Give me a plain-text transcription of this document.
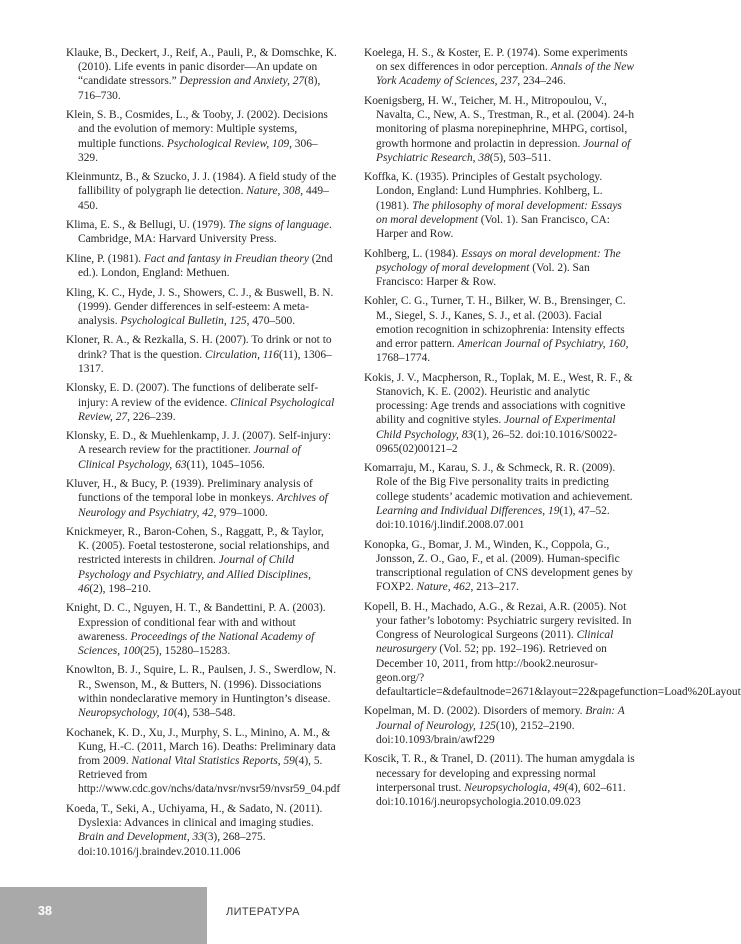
Klauke, B., Deckert, J., Reif, A., Pauli, P., & Domschke, K. (2010). Life events in panic disorder—An update on “candidate stressors.” Depression and Anxiety, 27(8), 716–730.

Klein, S. B., Cosmides, L., & Tooby, J. (2002). Decisions and the evolution of memory: Multiple systems, multiple functions. Psychological Review, 109, 306–329.

Kleinmuntz, B., & Szucko, J. J. (1984). A field study of the fallibility of polygraph lie detection. Nature, 308, 449–450.

Klima, E. S., & Bellugi, U. (1979). The signs of language. Cambridge, MA: Harvard University Press.

Kline, P. (1981). Fact and fantasy in Freudian theory (2nd ed.). London, England: Methuen.

Kling, K. C., Hyde, J. S., Showers, C. J., & Buswell, B. N. (1999). Gender differences in self-esteem: A meta-analysis. Psychological Bulletin, 125, 470–500.

Kloner, R. A., & Rezkalla, S. H. (2007). To drink or not to drink? That is the question. Circulation, 116(11), 1306–1317.

Klonsky, E. D. (2007). The functions of deliberate self-injury: A review of the evidence. Clinical Psychological Review, 27, 226–239.

Klonsky, E. D., & Muehlenkamp, J. J. (2007). Self-injury: A research review for the practitioner. Journal of Clinical Psychology, 63(11), 1045–1056.

Kluver, H., & Bucy, P. (1939). Preliminary analysis of functions of the temporal lobe in monkeys. Archives of Neurology and Psychiatry, 42, 979–1000.

Knickmeyer, R., Baron-Cohen, S., Raggatt, P., & Taylor, K. (2005). Foetal testosterone, social relationships, and restricted interests in children. Journal of Child Psychology and Psychiatry, and Allied Disciplines, 46(2), 198–210.

Knight, D. C., Nguyen, H. T., & Bandettini, P. A. (2003). Expression of conditional fear with and without awareness. Proceedings of the National Academy of Sciences, 100(25), 15280–15283.

Knowlton, B. J., Squire, L. R., Paulsen, J. S., Swerdlow, N. R., Swenson, M., & Butters, N. (1996). Dissociations within nondeclarative memory in Huntington’s disease. Neuropsychology, 10(4), 538–548.

Kochanek, K. D., Xu, J., Murphy, S. L., Minino, A. M., & Kung, H.-C. (2011, March 16). Deaths: Preliminary data from 2009. National Vital Statistics Reports, 59(4), 5. Retrieved from http://www.cdc.gov/nchs/data/nvsr/nvsr59/nvsr59_04.pdf

Koeda, T., Seki, A., Uchiyama, H., & Sadato, N. (2011). Dyslexia: Advances in clinical and imaging studies. Brain and Development, 33(3), 268–275. doi:10.1016/j.braindev.2010.11.006

Koelega, H. S., & Koster, E. P. (1974). Some experiments on sex differences in odor perception. Annals of the New York Academy of Sciences, 237, 234–246.

Koenigsberg, H. W., Teicher, M. H., Mitropoulou, V., Navalta, C., New, A. S., Trestman, R., et al. (2004). 24-h monitoring of plasma norepinephrine, MHPG, cortisol, growth hormone and prolactin in depression. Journal of Psychiatric Research, 38(5), 503–511.

Koffka, K. (1935). Principles of Gestalt psychology. London, England: Lund Humphries. Kohlberg, L. (1981). The philosophy of moral development: Essays on moral development (Vol. 1). San Francisco, CA: Harper and Row.

Kohlberg, L. (1984). Essays on moral development: The psychology of moral development (Vol. 2). San Francisco: Harper & Row.

Kohler, C. G., Turner, T. H., Bilker, W. B., Brensinger, C. M., Siegel, S. J., Kanes, S. J., et al. (2003). Facial emotion recognition in schizophrenia: Intensity effects and error pattern. American Journal of Psychiatry, 160, 1768–1774.

Kokis, J. V., Macpherson, R., Toplak, M. E., West, R. F., & Stanovich, K. E. (2002). Heuristic and analytic processing: Age trends and associations with cognitive ability and cognitive styles. Journal of Experimental Child Psychology, 83(1), 26–52. doi:10.1016/S0022-0965(02)00121–2

Komarraju, M., Karau, S. J., & Schmeck, R. R. (2009). Role of the Big Five personality traits in predicting college students’ academic motivation and achievement. Learning and Individual Differences, 19(1), 47–52. doi:10.1016/j.lindif.2008.07.001

Konopka, G., Bomar, J. M., Winden, K., Coppola, G., Jonsson, Z. O., Gao, F., et al. (2009). Human-specific transcriptional regulation of CNS development genes by FOXP2. Nature, 462, 213–217.

Kopell, B. H., Machado, A.G., & Rezai, A.R. (2005). Not your father’s lobotomy: Psychiatric surgery revisited. In Congress of Neurological Surgeons (2011). Clinical neurosurgery (Vol. 52; pp. 192–196). Retrieved on December 10, 2011, from http://book2.neurosur-geon.org/?defaultarticle=&defaultnode=2671&layout=22&pagefunction=Load%20Layout

Kopelman, M. D. (2002). Disorders of memory. Brain: A Journal of Neurology, 125(10), 2152–2190. doi:10.1093/brain/awf229

Koscik, T. R., & Tranel, D. (2011). The human amygdala is necessary for developing and expressing normal interpersonal trust. Neuropsychologia, 49(4), 602–611. doi:10.1016/j.neuropsychologia.2010.09.023

38	ЛИТЕРАТУРА
